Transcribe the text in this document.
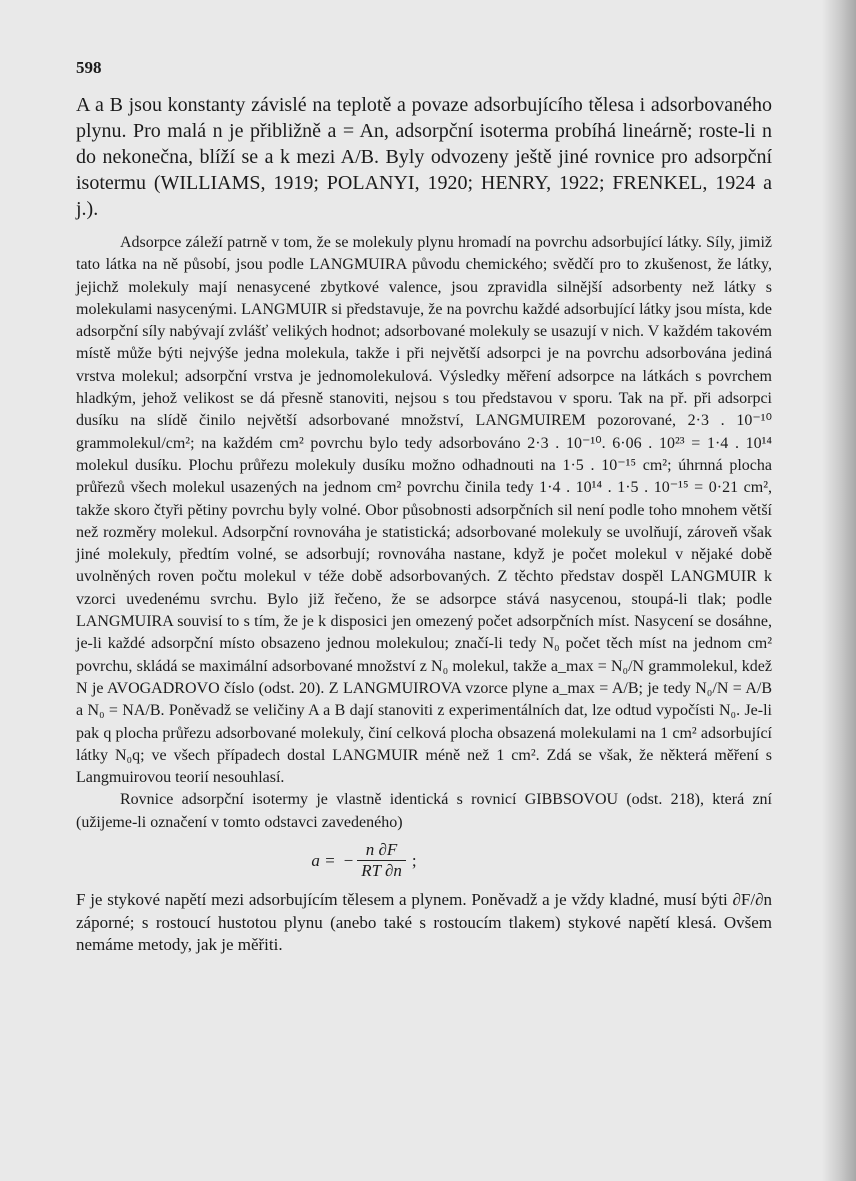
598

A a B jsou konstanty závislé na teplotě a povaze adsorbujícího tělesa i adsorbovaného plynu. Pro malá n je přibližně a = An, adsorpční isoterma probíhá lineárně; roste-li n do nekonečna, blíží se a k mezi A/B. Byly odvozeny ještě jiné rovnice pro adsorpční isotermu (WILLIAMS, 1919; POLANYI, 1920; HENRY, 1922; FRENKEL, 1924 a j.).

Adsorpce záleží patrně v tom, že se molekuly plynu hromadí na povrchu adsorbující látky. Síly, jimiž tato látka na ně působí, jsou podle LANGMUIRA původu chemického; svědčí pro to zkušenost, že látky, jejichž molekuly mají nenasycené zbytkové valence, jsou zpravidla silnější adsorbenty než látky s molekulami nasycenými. LANGMUIR si představuje, že na povrchu každé adsorbující látky jsou místa, kde adsorpční síly nabývají zvlášť velikých hodnot; adsorbované molekuly se usazují v nich. V každém takovém místě může býti nejvýše jedna molekula, takže i při největší adsorpci je na povrchu adsorbována jediná vrstva molekul; adsorpční vrstva je jednomolekulová. Výsledky měření adsorpce na látkách s povrchem hladkým, jehož velikost se dá přesně stanoviti, nejsou s tou představou v sporu. Tak na př. při adsorpci dusíku na slídě činilo největší adsorbované množství, LANGMUIREM pozorované, 2·3 . 10⁻¹⁰ grammolekul/cm²; na každém cm² povrchu bylo tedy adsorbováno 2·3 . 10⁻¹⁰. 6·06 . 10²³ = 1·4 . 10¹⁴ molekul dusíku. Plochu průřezu molekuly dusíku možno odhadnouti na 1·5 . 10⁻¹⁵ cm²; úhrnná plocha průřezů všech molekul usazených na jednom cm² povrchu činila tedy 1·4 . 10¹⁴ . 1·5 . 10⁻¹⁵ = 0·21 cm², takže skoro čtyři pětiny povrchu byly volné. Obor působnosti adsorpčních sil není podle toho mnohem větší než rozměry molekul. Adsorpční rovnováha je statistická; adsorbované molekuly se uvolňují, zároveň však jiné molekuly, předtím volné, se adsorbují; rovnováha nastane, když je počet molekul v nějaké době uvolněných roven počtu molekul v téže době adsorbovaných. Z těchto představ dospěl LANGMUIR k vzorci uvedenému svrchu. Bylo již řečeno, že se adsorpce stává nasycenou, stoupá-li tlak; podle LANGMUIRA souvisí to s tím, že je k disposici jen omezený počet adsorpčních míst. Nasycení se dosáhne, je-li každé adsorpční místo obsazeno jednou molekulou; značí-li tedy N₀ počet těch míst na jednom cm² povrchu, skládá se maximální adsorbované množství z N₀ molekul, takže a_max = N₀/N grammolekul, kdež N je AVOGADROVO číslo (odst. 20). Z LANGMUIROVA vzorce plyne a_max = A/B; je tedy N₀/N = A/B a N₀ = NA/B. Poněvadž se veličiny A a B dají stanoviti z experimentálních dat, lze odtud vypočísti N₀. Je-li pak q plocha průřezu adsorbované molekuly, činí celková plocha obsazená molekulami na 1 cm² adsorbující látky N₀q; ve všech případech dostal LANGMUIR méně než 1 cm². Zdá se však, že některá měření s Langmuirovou teorií nesouhlasí.

Rovnice adsorpční isotermy je vlastně identická s rovnicí GIBBSOVOU (odst. 218), která zní (užijeme-li označení v tomto odstavci zavedeného)

a = − $\frac{n \partial F}{RT \partial n}$ ;

F je stykové napětí mezi adsorbujícím tělesem a plynem. Poněvadž a je vždy kladné, musí býti ∂F/∂n záporné; s rostoucí hustotou plynu (anebo také s rostoucím tlakem) stykové napětí klesá. Ovšem nemáme metody, jak je měřiti.
